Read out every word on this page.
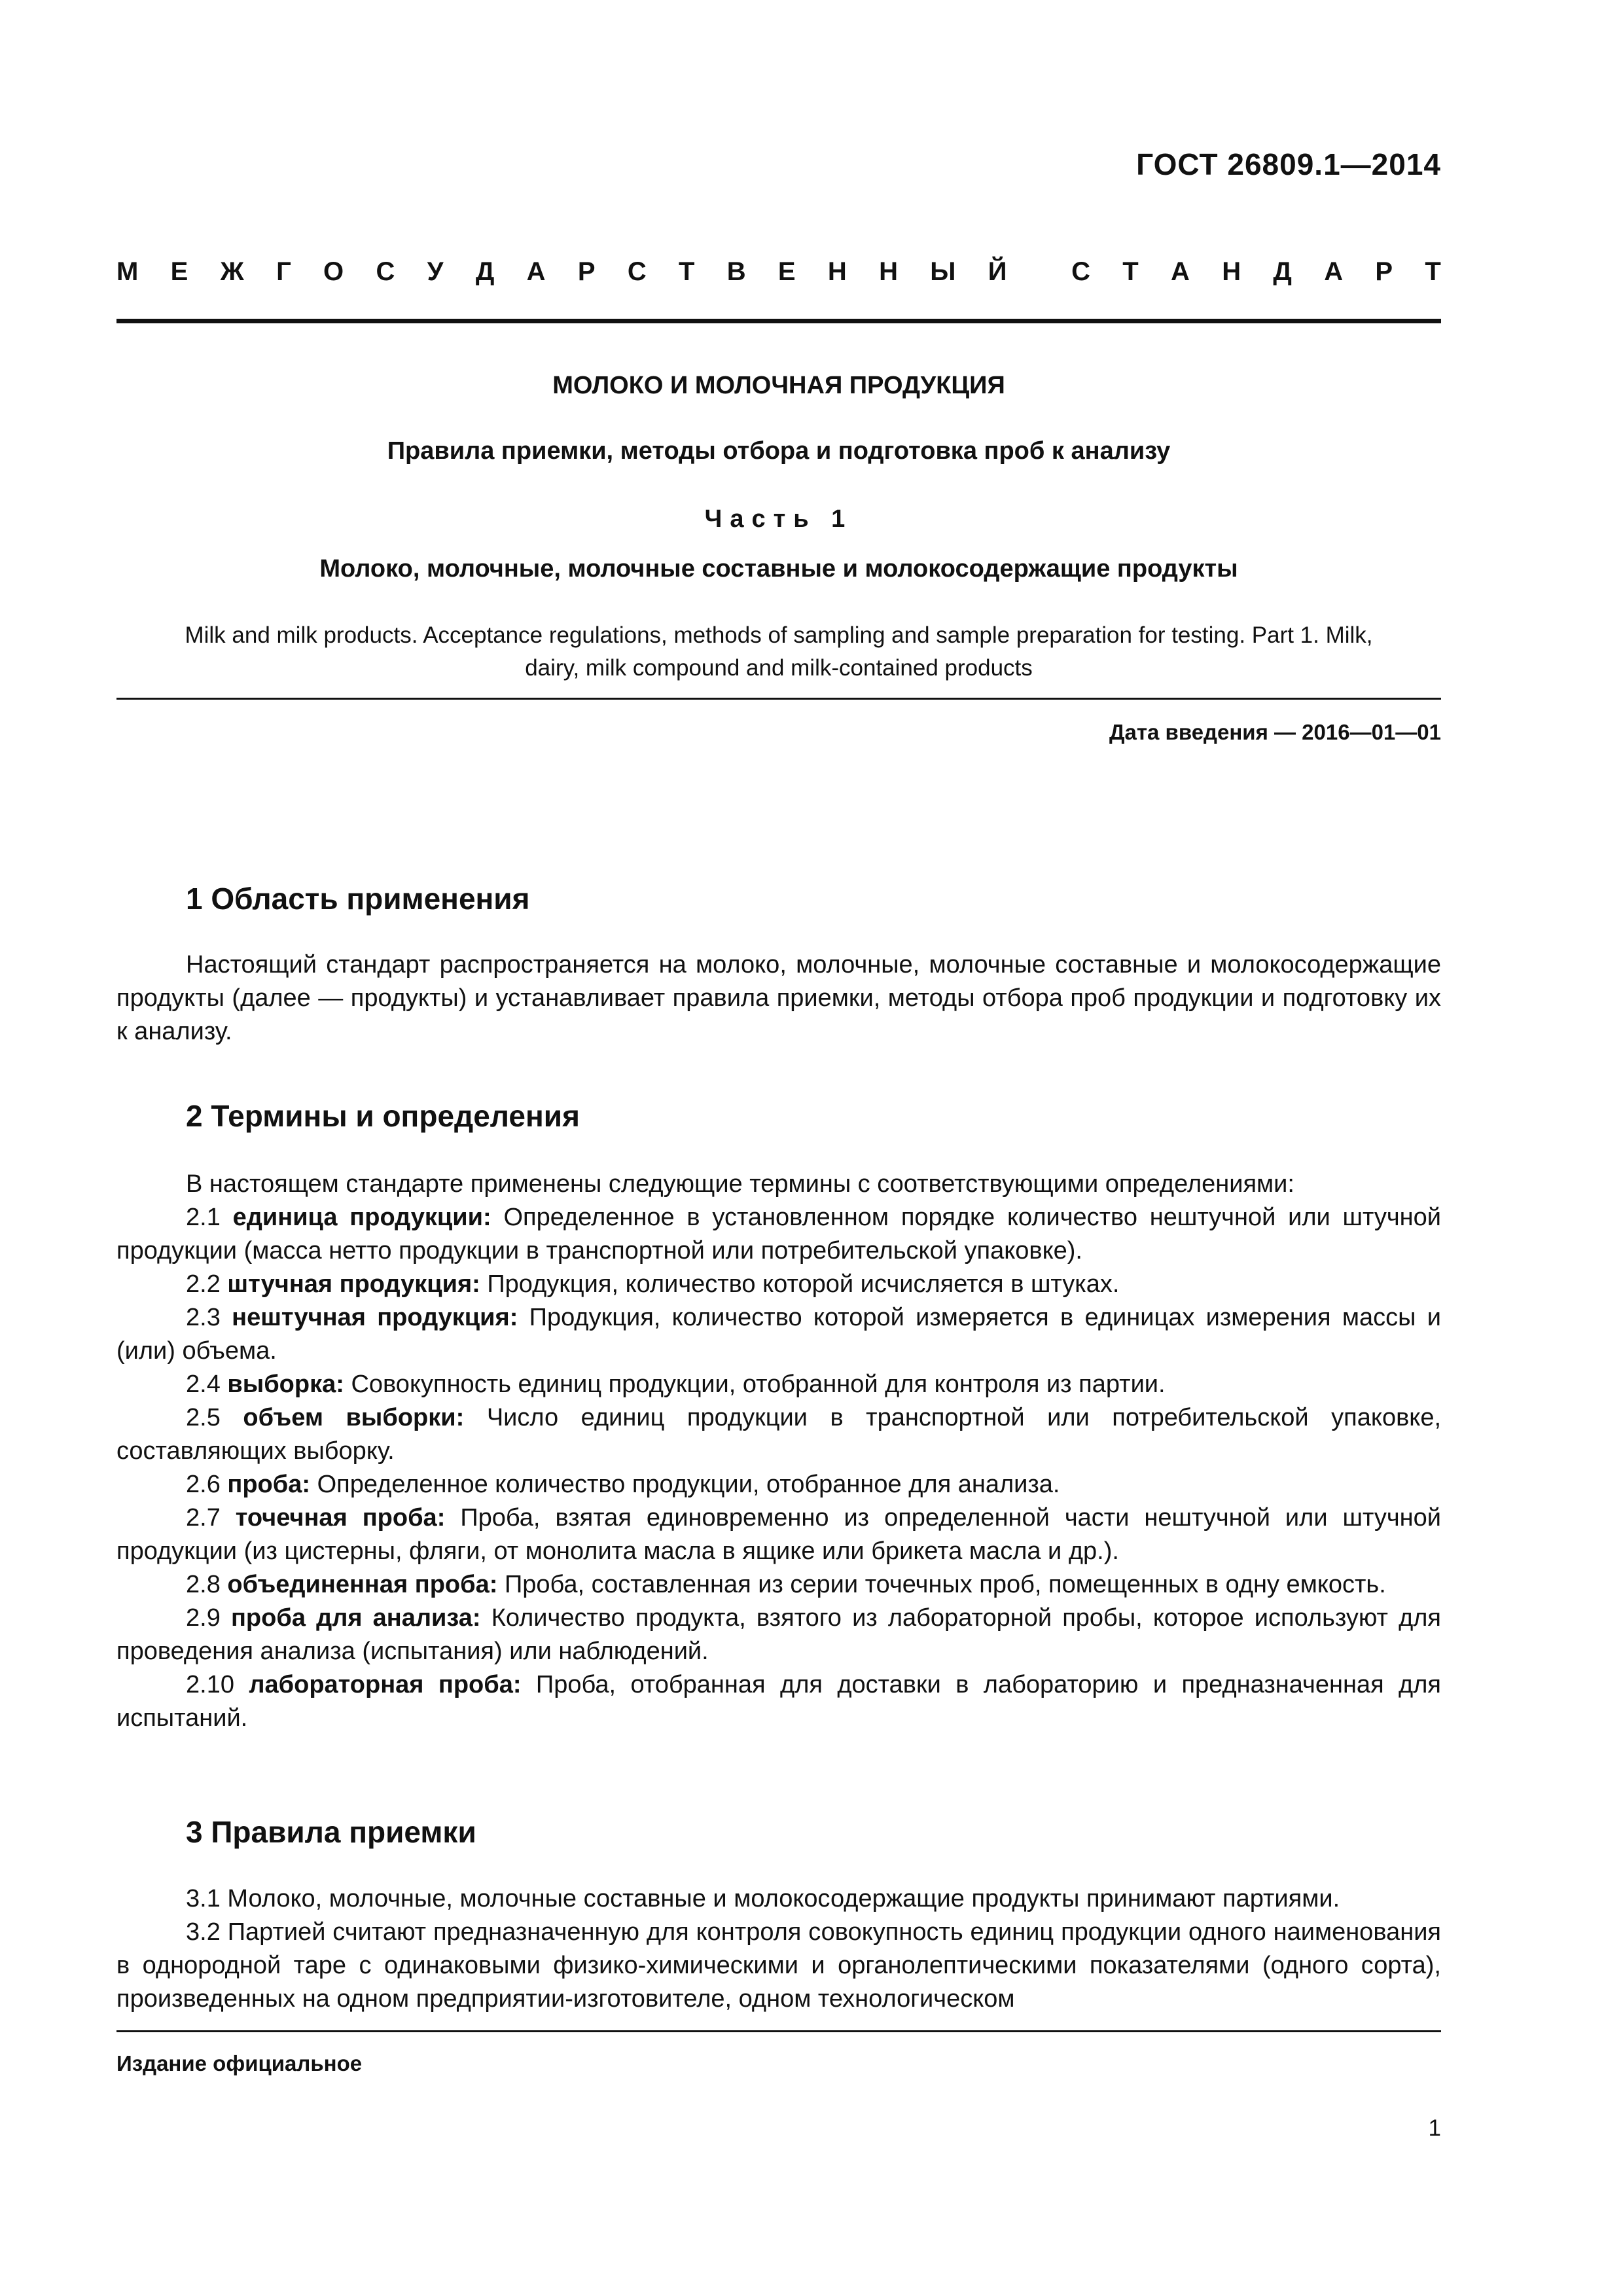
ГОСТ 26809.1—2014
М Е Ж Г О С У Д А Р С Т В Е Н Н Ы Й С Т А Н Д А Р Т
МОЛОКО И МОЛОЧНАЯ ПРОДУКЦИЯ
Правила приемки, методы отбора и подготовка проб к анализу
Часть 1
Молоко, молочные, молочные составные и молокосодержащие продукты
Milk and milk products. Acceptance regulations, methods of sampling and sample preparation for testing. Part 1. Milk,
dairy, milk compound and milk-contained products
Дата введения — 2016—01—01
1 Область применения

Настоящий стандарт распространяется на молоко, молочные, молочные составные и молокосодержащие продукты (далее — продукты) и устанавливает правила приемки, методы отбора проб продукции и подготовку их к анализу.

2 Термины и определения

В настоящем стандарте применены следующие термины с соответствующими определениями:

2.1 единица продукции: Определенное в установленном порядке количество нештучной или штучной продукции (масса нетто продукции в транспортной или потребительской упаковке).

2.2 штучная продукция: Продукция, количество которой исчисляется в штуках.

2.3 нештучная продукция: Продукция, количество которой измеряется в единицах измерения массы и (или) объема.

2.4 выборка: Совокупность единиц продукции, отобранной для контроля из партии.

2.5 объем выборки: Число единиц продукции в транспортной или потребительской упаковке, составляющих выборку.

2.6 проба: Определенное количество продукции, отобранное для анализа.

2.7 точечная проба: Проба, взятая единовременно из определенной части нештучной или штучной продукции (из цистерны, фляги, от монолита масла в ящике или брикета масла и др.).

2.8 объединенная проба: Проба, составленная из серии точечных проб, помещенных в одну емкость.

2.9 проба для анализа: Количество продукта, взятого из лабораторной пробы, которое используют для проведения анализа (испытания) или наблюдений.

2.10 лабораторная проба: Проба, отобранная для доставки в лабораторию и предназначенная для испытаний.

3 Правила приемки

3.1 Молоко, молочные, молочные составные и молокосодержащие продукты принимают партиями.

3.2 Партией считают предназначенную для контроля совокупность единиц продукции одного наименования в однородной таре с одинаковыми физико-химическими и органолептическими показателями (одного сорта), произведенных на одном предприятии-изготовителе, одном технологическом

Издание официальное
1
